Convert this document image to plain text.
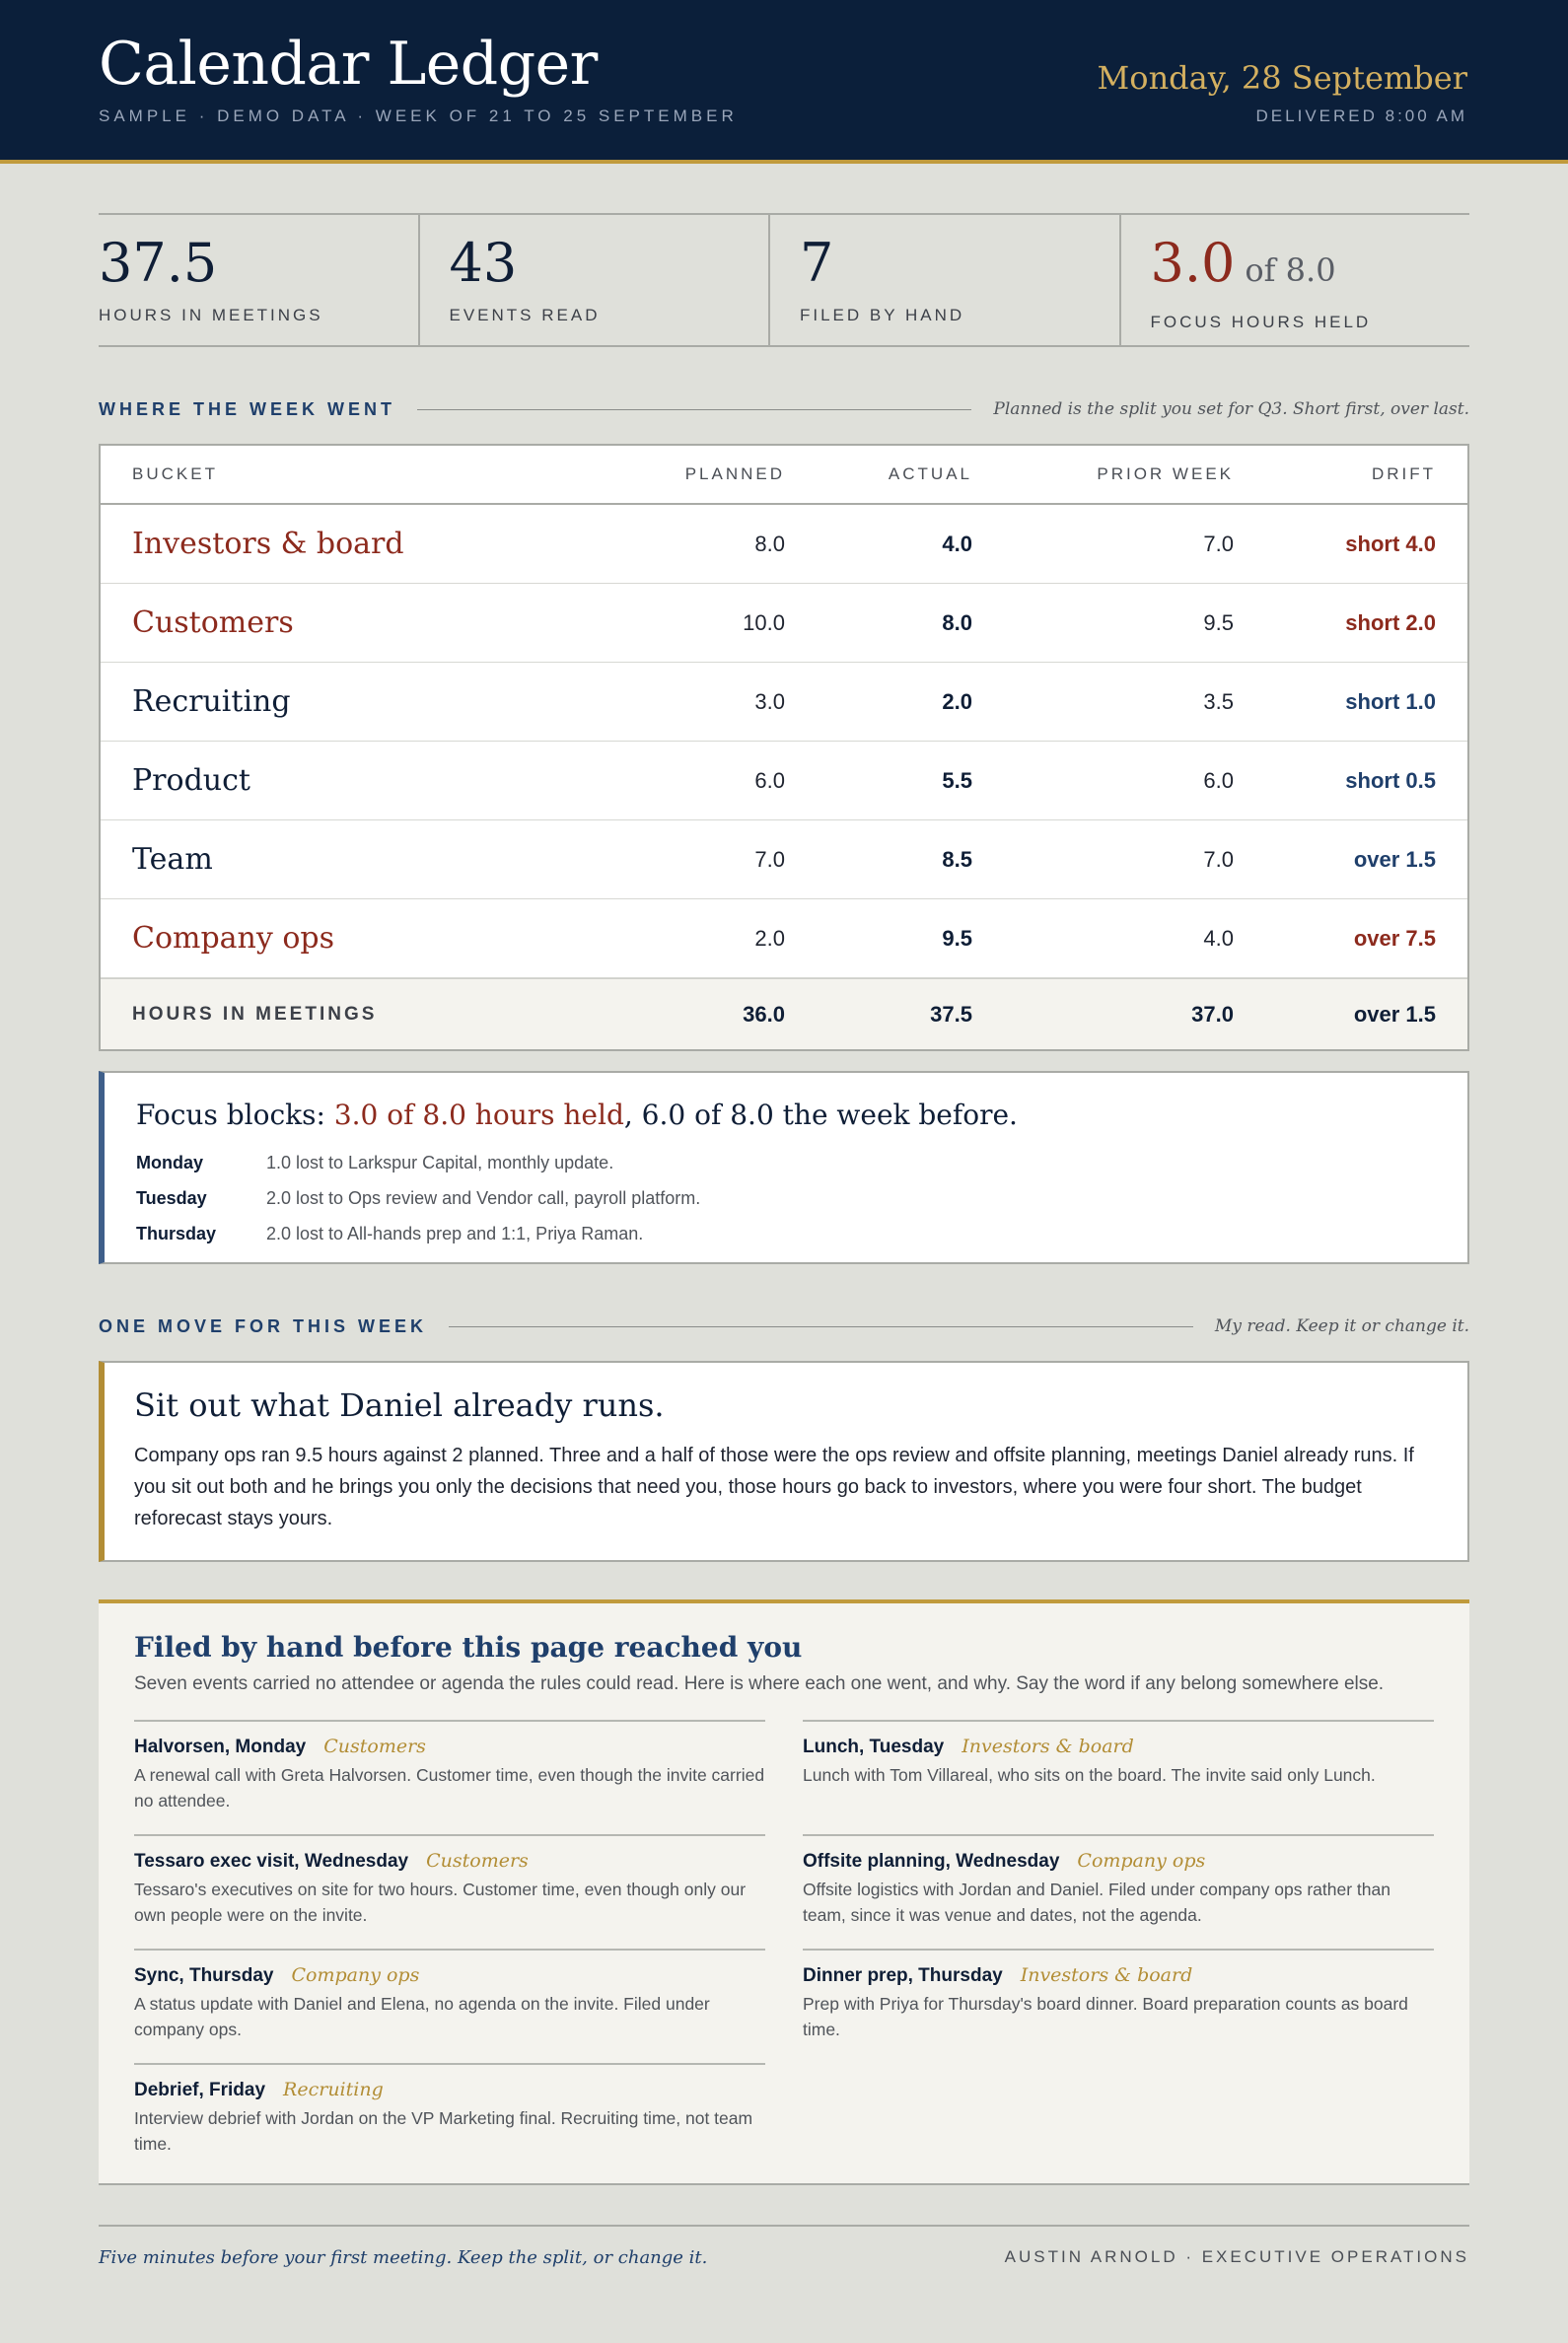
Calendar Ledger
SAMPLE · DEMO DATA · WEEK OF 21 TO 25 SEPTEMBER
Monday, 28 September
DELIVERED 8:00 AM
37.5
HOURS IN MEETINGS
43
EVENTS READ
7
FILED BY HAND
3.0 of 8.0
FOCUS HOURS HELD
WHERE THE WEEK WENT	Planned is the split you set for Q3. Short first, over last.
BUCKET	PLANNED	ACTUAL	PRIOR WEEK	DRIFT
Investors & board	8.0	4.0	7.0	short 4.0
Customers	10.0	8.0	9.5	short 2.0
Recruiting	3.0	2.0	3.5	short 1.0
Product	6.0	5.5	6.0	short 0.5
Team	7.0	8.5	7.0	over 1.5
Company ops	2.0	9.5	4.0	over 7.5
HOURS IN MEETINGS	36.0	37.5	37.0	over 1.5
Focus blocks: 3.0 of 8.0 hours held, 6.0 of 8.0 the week before.
Monday	1.0 lost to Larkspur Capital, monthly update.
Tuesday	2.0 lost to Ops review and Vendor call, payroll platform.
Thursday	2.0 lost to All-hands prep and 1:1, Priya Raman.
ONE MOVE FOR THIS WEEK	My read. Keep it or change it.
Sit out what Daniel already runs.
Company ops ran 9.5 hours against 2 planned. Three and a half of those were the ops review and offsite planning, meetings Daniel already runs. If you sit out both and he brings you only the decisions that need you, those hours go back to investors, where you were four short. The budget reforecast stays yours.
Filed by hand before this page reached you
Seven events carried no attendee or agenda the rules could read. Here is where each one went, and why. Say the word if any belong somewhere else.
Halvorsen, Monday Customers
A renewal call with Greta Halvorsen. Customer time, even though the invite carried no attendee.
Tessaro exec visit, Wednesday Customers
Tessaro's executives on site for two hours. Customer time, even though only our own people were on the invite.
Sync, Thursday Company ops
A status update with Daniel and Elena, no agenda on the invite. Filed under company ops.
Debrief, Friday Recruiting
Interview debrief with Jordan on the VP Marketing final. Recruiting time, not team time.
Lunch, Tuesday Investors & board
Lunch with Tom Villareal, who sits on the board. The invite said only Lunch.
Offsite planning, Wednesday Company ops
Offsite logistics with Jordan and Daniel. Filed under company ops rather than team, since it was venue and dates, not the agenda.
Dinner prep, Thursday Investors & board
Prep with Priya for Thursday's board dinner. Board preparation counts as board time.
Five minutes before your first meeting. Keep the split, or change it.	AUSTIN ARNOLD · EXECUTIVE OPERATIONS
